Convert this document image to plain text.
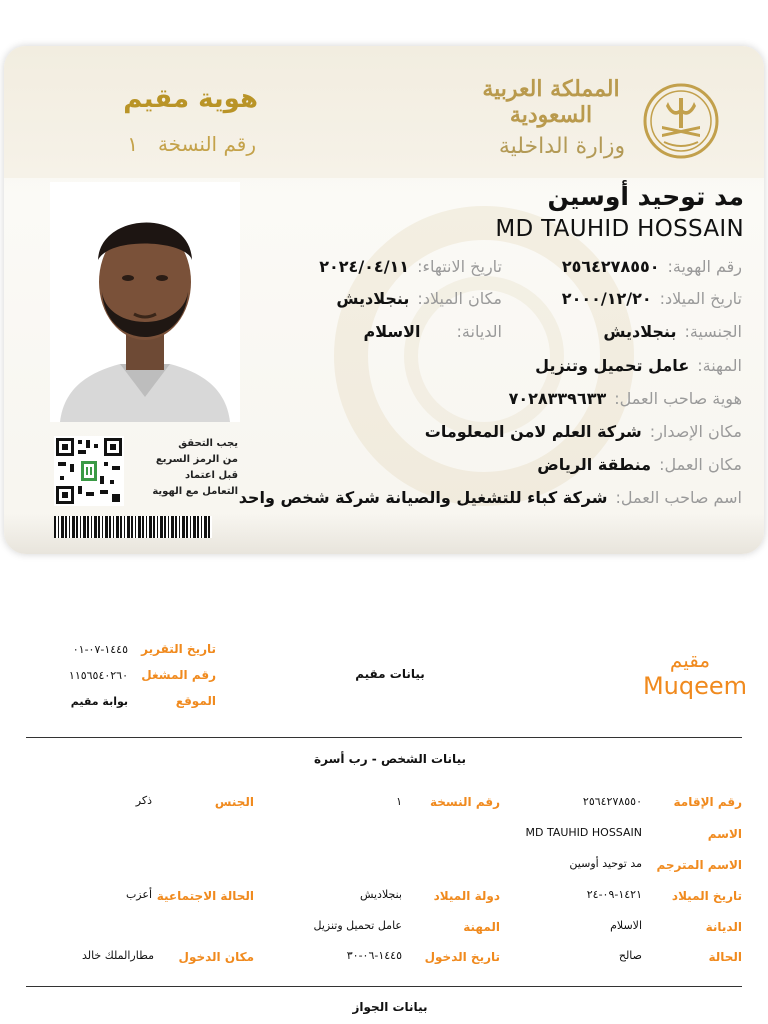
هوية مقيم
رقم النسخة١
المملكة العربية السعودية
وزارة الداخلية
يجب التحقق
من الرمز السريع
قبل اعتماد
التعامل مع الهوية
مد توحيد أوسين
MD TAUHID HOSSAIN
رقم الهوية:٢٥٦٤٢٧٨٥٥٠
تاريخ الميلاد:٢٠٠٠/١٢/٢٠
الجنسية:بنجلاديش
المهنة:عامل تحميل وتنزيل
هوية صاحب العمل:٧٠٢٨٣٣٩٦٣٣
مكان الإصدار:شركة العلم لامن المعلومات
مكان العمل:منطقة الرياض
اسم صاحب العمل:شركة كباء للتشغيل والصيانة شركة شخص واحد
تاريخ الانتهاء:٢٠٢٤/٠٤/١١
مكان الميلاد:بنجلاديش
الديانة:الاسلام
مقيم
Muqeem
بيانات مقيم
تاريخ التقرير
١٤٤٥-٠٧-٠١
رقم المشغل
١١٥٦٥٤٠٢٦٠
الموقع
بوابة مقيم
بيانات الشخص - رب أسرة
رقم الإقامة
٢٥٦٤٢٧٨٥٥٠
الاسم
MD TAUHID HOSSAIN
الاسم المترجم
مد توحيد أوسين
تاريخ الميلاد
١٤٢١-٠٩-٢٤
الديانة
الاسلام
الحالة
صالح
رقم النسخة
١
دولة الميلاد
بنجلاديش
المهنة
عامل تحميل وتنزيل
تاريخ الدخول
١٤٤٥-٠٦-٣٠
الجنس
ذكر
الحالة الاجتماعية
أعزب
مكان الدخول
مطارالملك خالد
بيانات الجواز
